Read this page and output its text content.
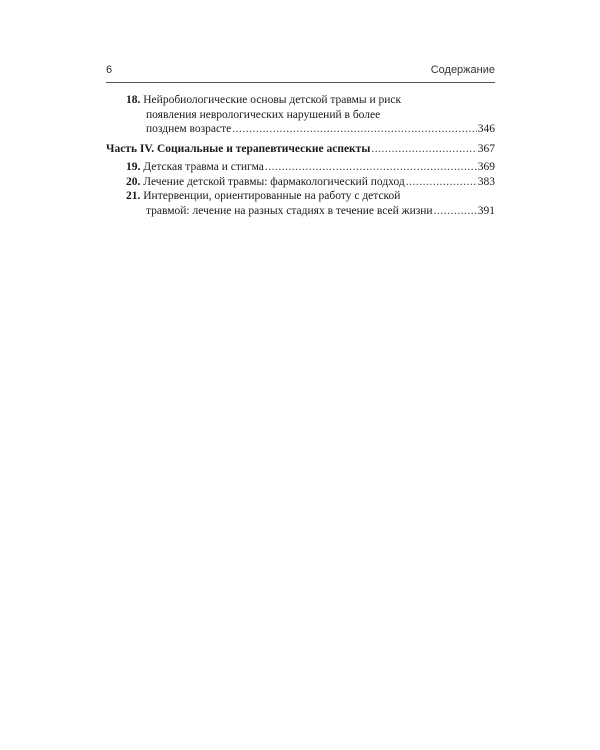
6	Содержание
18. Нейробиологические основы детской травмы и риск
появления неврологических нарушений в более
позднем возрасте .....	346
Часть IV. Социальные и терапевтические аспекты .....	367
19. Детская травма и стигма .....	369
20. Лечение детской травмы: фармакологический подход .....	383
21. Интервенции, ориентированные на работу с детской
травмой: лечение на разных стадиях в течение всей жизни .....	391
